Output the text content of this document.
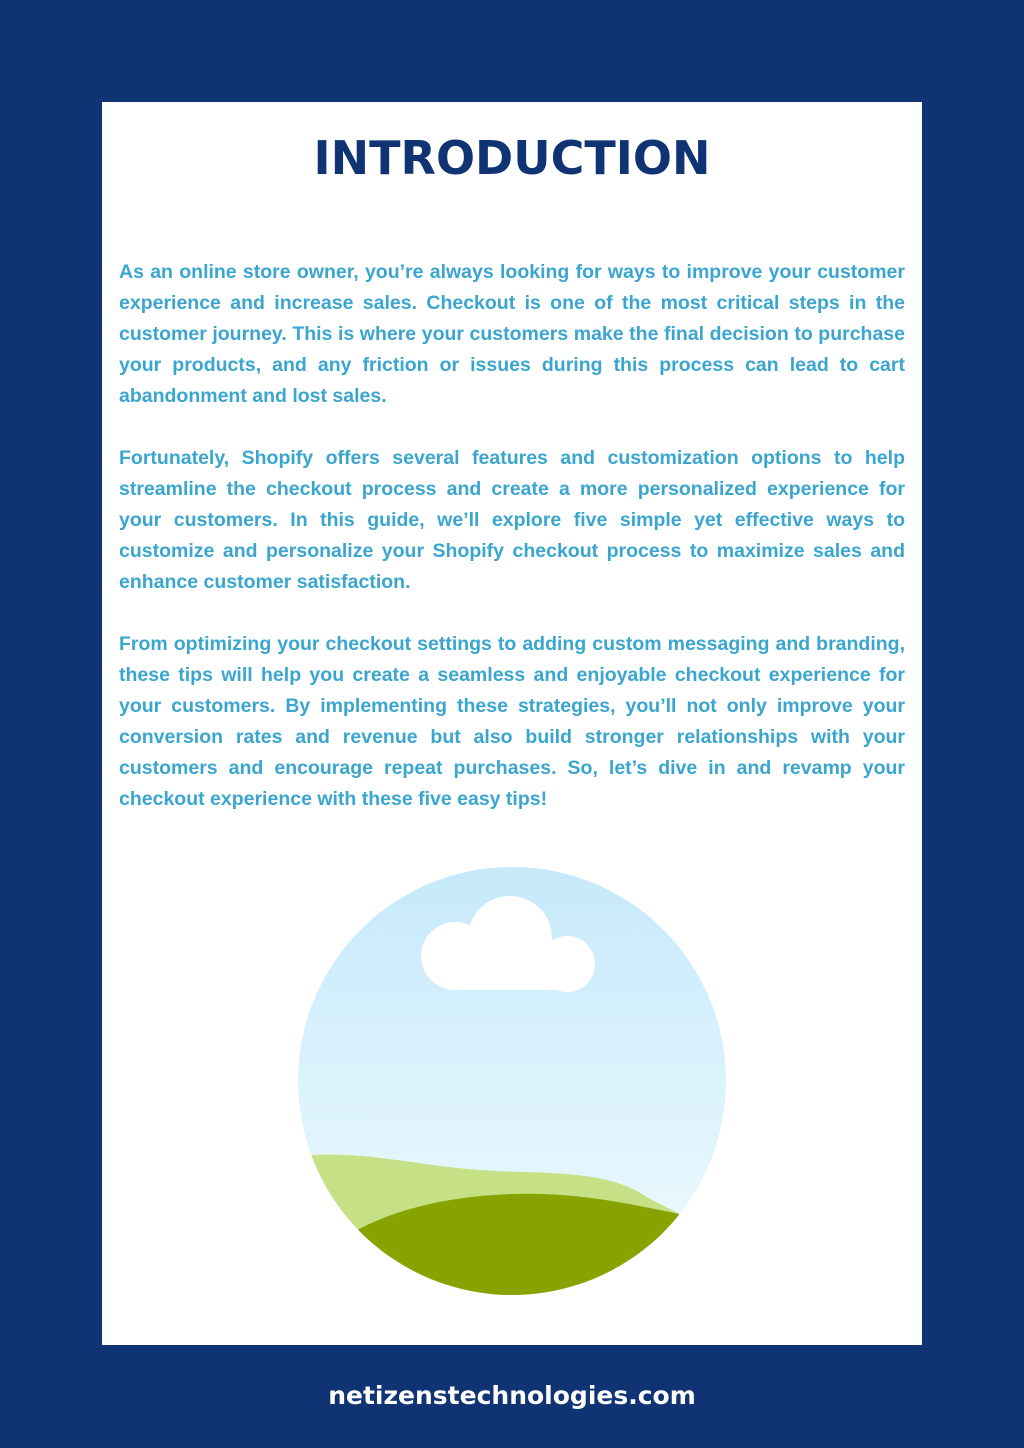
INTRODUCTION

As an online store owner, you’re always looking for ways to improve your customer experience and increase sales. Checkout is one of the most critical steps in the customer journey. This is where your customers make the final decision to purchase your products, and any friction or issues during this process can lead to cart abandonment and lost sales.

Fortunately, Shopify offers several features and customization options to help streamline the checkout process and create a more personalized experience for your customers. In this guide, we’ll explore five simple yet effective ways to customize and personalize your Shopify checkout process to maximize sales and enhance customer satisfaction.

From optimizing your checkout settings to adding custom messaging and branding, these tips will help you create a seamless and enjoyable checkout experience for your customers. By implementing these strategies, you’ll not only improve your conversion rates and revenue but also build stronger relationships with your customers and encourage repeat purchases. So, let’s dive in and revamp your checkout experience with these five easy tips!

netizenstechnologies.com
